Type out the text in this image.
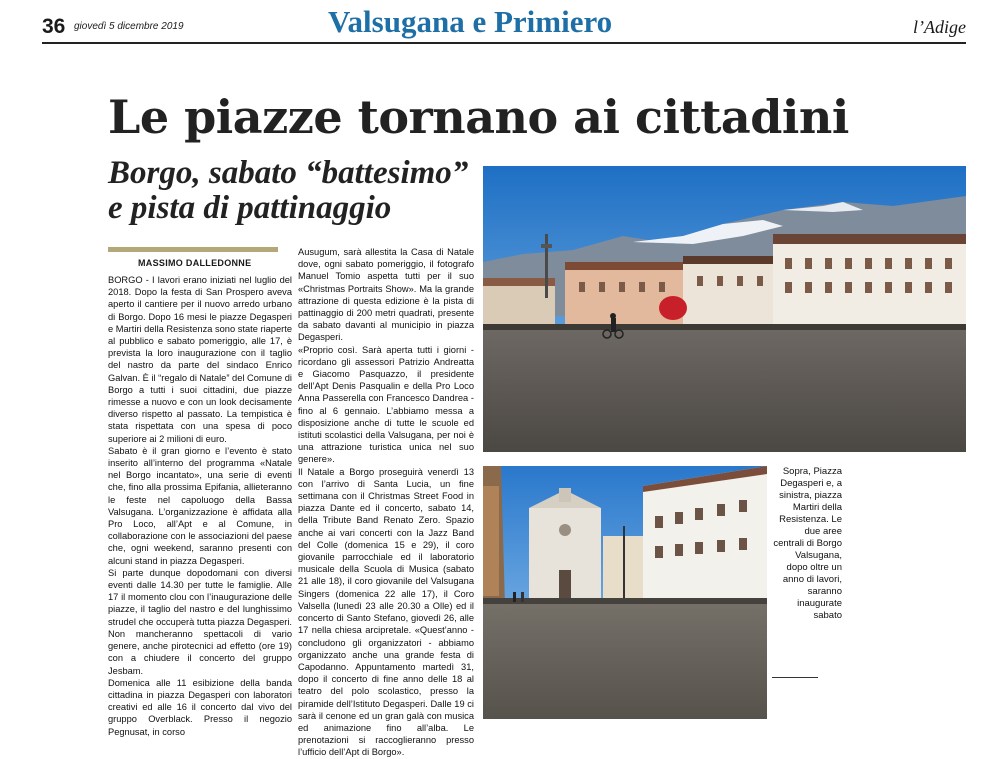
36 giovedì 5 dicembre 2019	Valsugana e Primiero	l’Adige
Le piazze tornano ai cittadini
Borgo, sabato “battesimo”
e pista di pattinaggio
MASSIMO DALLEDONNE

BORGO - I lavori erano iniziati nel luglio del 2018. Dopo la festa di San Prospero aveva aperto il cantiere per il nuovo arredo urbano di Borgo. Dopo 16 mesi le piazze Degasperi e Martiri della Resistenza sono state riaperte al pubblico e sabato pomeriggio, alle 17, è prevista la loro inaugurazione con il taglio del nastro da parte del sindaco Enrico Galvan. È il “regalo di Natale” del Comune di Borgo a tutti i suoi cittadini, due piazze rimesse a nuovo e con un look decisamente diverso rispetto al passato. La tempistica è stata rispettata con una spesa di poco superiore ai 2 milioni di euro.

Sabato è il gran giorno e l’evento è stato inserito all’interno del programma «Natale nel Borgo incantato», una serie di eventi che, fino alla prossima Epifania, allieteranno le feste nel capoluogo della Bassa Valsugana. L’organizzazione è affidata alla Pro Loco, all’Apt e al Comune, in collaborazione con le associazioni del paese che, ogni weekend, saranno presenti con alcuni stand in piazza Degasperi.

Si parte dunque dopodomani con diversi eventi dalle 14.30 per tutte le famiglie. Alle 17 il momento clou con l’inaugurazione delle piazze, il taglio del nastro e del lunghissimo strudel che occuperà tutta piazza Degasperi. Non mancheranno spettacoli di vario genere, anche pirotecnici ad effetto (ore 19) con a chiudere il concerto del gruppo Jesbam.

Domenica alle 11 esibizione della banda cittadina in piazza Degasperi con laboratori creativi ed alle 16 il concerto dal vivo del gruppo Overblack. Presso il negozio Pegnusat, in corso

Ausugum, sarà allestita la Casa di Natale dove, ogni sabato pomeriggio, il fotografo Manuel Tomio aspetta tutti per il suo «Christmas Portraits Show». Ma la grande attrazione di questa edizione è la pista di pattinaggio di 200 metri quadrati, presente da sabato davanti al municipio in piazza Degasperi.

«Proprio così. Sarà aperta tutti i giorni - ricordano gli assessori Patrizio Andreatta e Giacomo Pasquazzo, il presidente dell’Apt Denis Pasqualin e della Pro Loco Anna Passerella con Francesco Dandrea - fino al 6 gennaio. L’abbiamo messa a disposizione anche di tutte le scuole ed istituti scolastici della Valsugana, per noi è una attrazione turistica unica nel suo genere».

Il Natale a Borgo proseguirà venerdì 13 con l’arrivo di Santa Lucia, un fine settimana con il Christmas Street Food in piazza Dante ed il concerto, sabato 14, della Tribute Band Renato Zero. Spazio anche ai vari concerti con la Jazz Band del Colle (domenica 15 e 29), il coro giovanile parrocchiale ed il laboratorio musicale della Scuola di Musica (sabato 21 alle 18), il coro giovanile del Valsugana Singers (domenica 22 alle 17), il Coro Valsella (lunedì 23 alle 20.30 a Olle) ed il concerto di Santo Stefano, giovedì 26, alle 17 nella chiesa arcipretale. «Quest’anno - concludono gli organizzatori - abbiamo organizzato anche una grande festa di Capodanno. Appuntamento martedì 31, dopo il concerto di fine anno delle 18 al teatro del polo scolastico, presso la piramide dell’Istituto Degasperi. Dalle 19 ci sarà il cenone ed un gran galà con musica ed animazione fino all’alba. Le prenotazioni si raccoglieranno presso l’ufficio dell’Apt di Borgo».

Sopra, Piazza Degasperi e, a sinistra, piazza Martiri della Resistenza. Le due aree centrali di Borgo Valsugana, dopo oltre un anno di lavori, saranno inaugurate sabato
